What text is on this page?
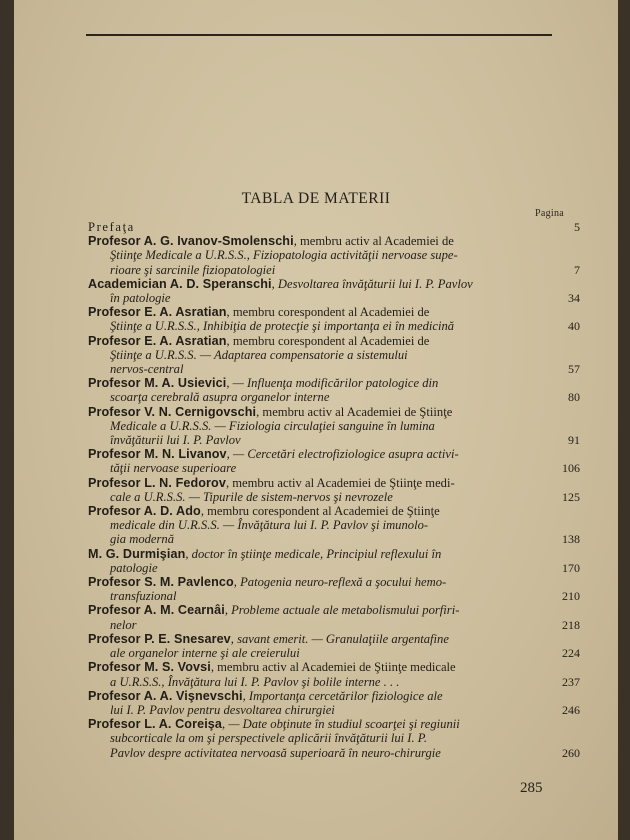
TABLA DE MATERII
Pagina
Prefaţa	5
Profesor A. G. Ivanov-Smolenschi, membru activ al Academiei de
Ştiinţe Medicale a U.R.S.S., Fiziopatologia activităţii nervoase supe-
rioare şi sarcinile fiziopatologiei	7
Academician A. D. Speranschi, Desvoltarea învăţăturii lui I. P. Pavlov
în patologie	34
Profesor E. A. Asratian, membru corespondent al Academiei de
Ştiinţe a U.R.S.S., Inhibiţia de protecţie şi importanţa ei în medicină	40
Profesor E. A. Asratian, membru corespondent al Academiei de
Ştiinţe a U.R.S.S. — Adaptarea compensatorie a sistemului
nervos-central	57
Profesor M. A. Usievici, — Influenţa modificărilor patologice din
scoarţa cerebrală asupra organelor interne	80
Profesor V. N. Cernigovschi, membru activ al Academiei de Ştiinţe
Medicale a U.R.S.S. — Fiziologia circulaţiei sanguine în lumina
învăţăturii lui I. P. Pavlov	91
Profesor M. N. Livanov, — Cercetări electrofiziologice asupra activi-
tăţii nervoase superioare	106
Profesor L. N. Fedorov, membru activ al Academiei de Ştiinţe medi-
cale a U.R.S.S. — Tipurile de sistem-nervos şi nevrozele	125
Profesor A. D. Ado, membru corespondent al Academiei de Ştiinţe
medicale din U.R.S.S. — Învăţătura lui I. P. Pavlov şi imunolo-
gia modernă	138
M. G. Durmişian, doctor în ştiinţe medicale, Principiul reflexului în
patologie	170
Profesor S. M. Pavlenco, Patogenia neuro-reflexă a şocului hemo-
transfuzional	210
Profesor A. M. Cearnâi, Probleme actuale ale metabolismului porfiri-
nelor	218
Profesor P. E. Snesarev, savant emerit. — Granulaţiile argentafine
ale organelor interne şi ale creierului	224
Profesor M. S. Vovsi, membru activ al Academiei de Ştiinţe medicale
a U.R.S.S., Învăţătura lui I. P. Pavlov şi bolile interne . . .	237
Profesor A. A. Vişnevschi, Importanţa cercetărilor fiziologice ale
lui I. P. Pavlov pentru desvoltarea chirurgiei	246
Profesor L. A. Coreişa, — Date obţinute în studiul scoarţei şi regiunii
subcorticale la om şi perspectivele aplicării învăţăturii lui I. P.
Pavlov despre activitatea nervoasă superioară în neuro-chirurgie	260
285
